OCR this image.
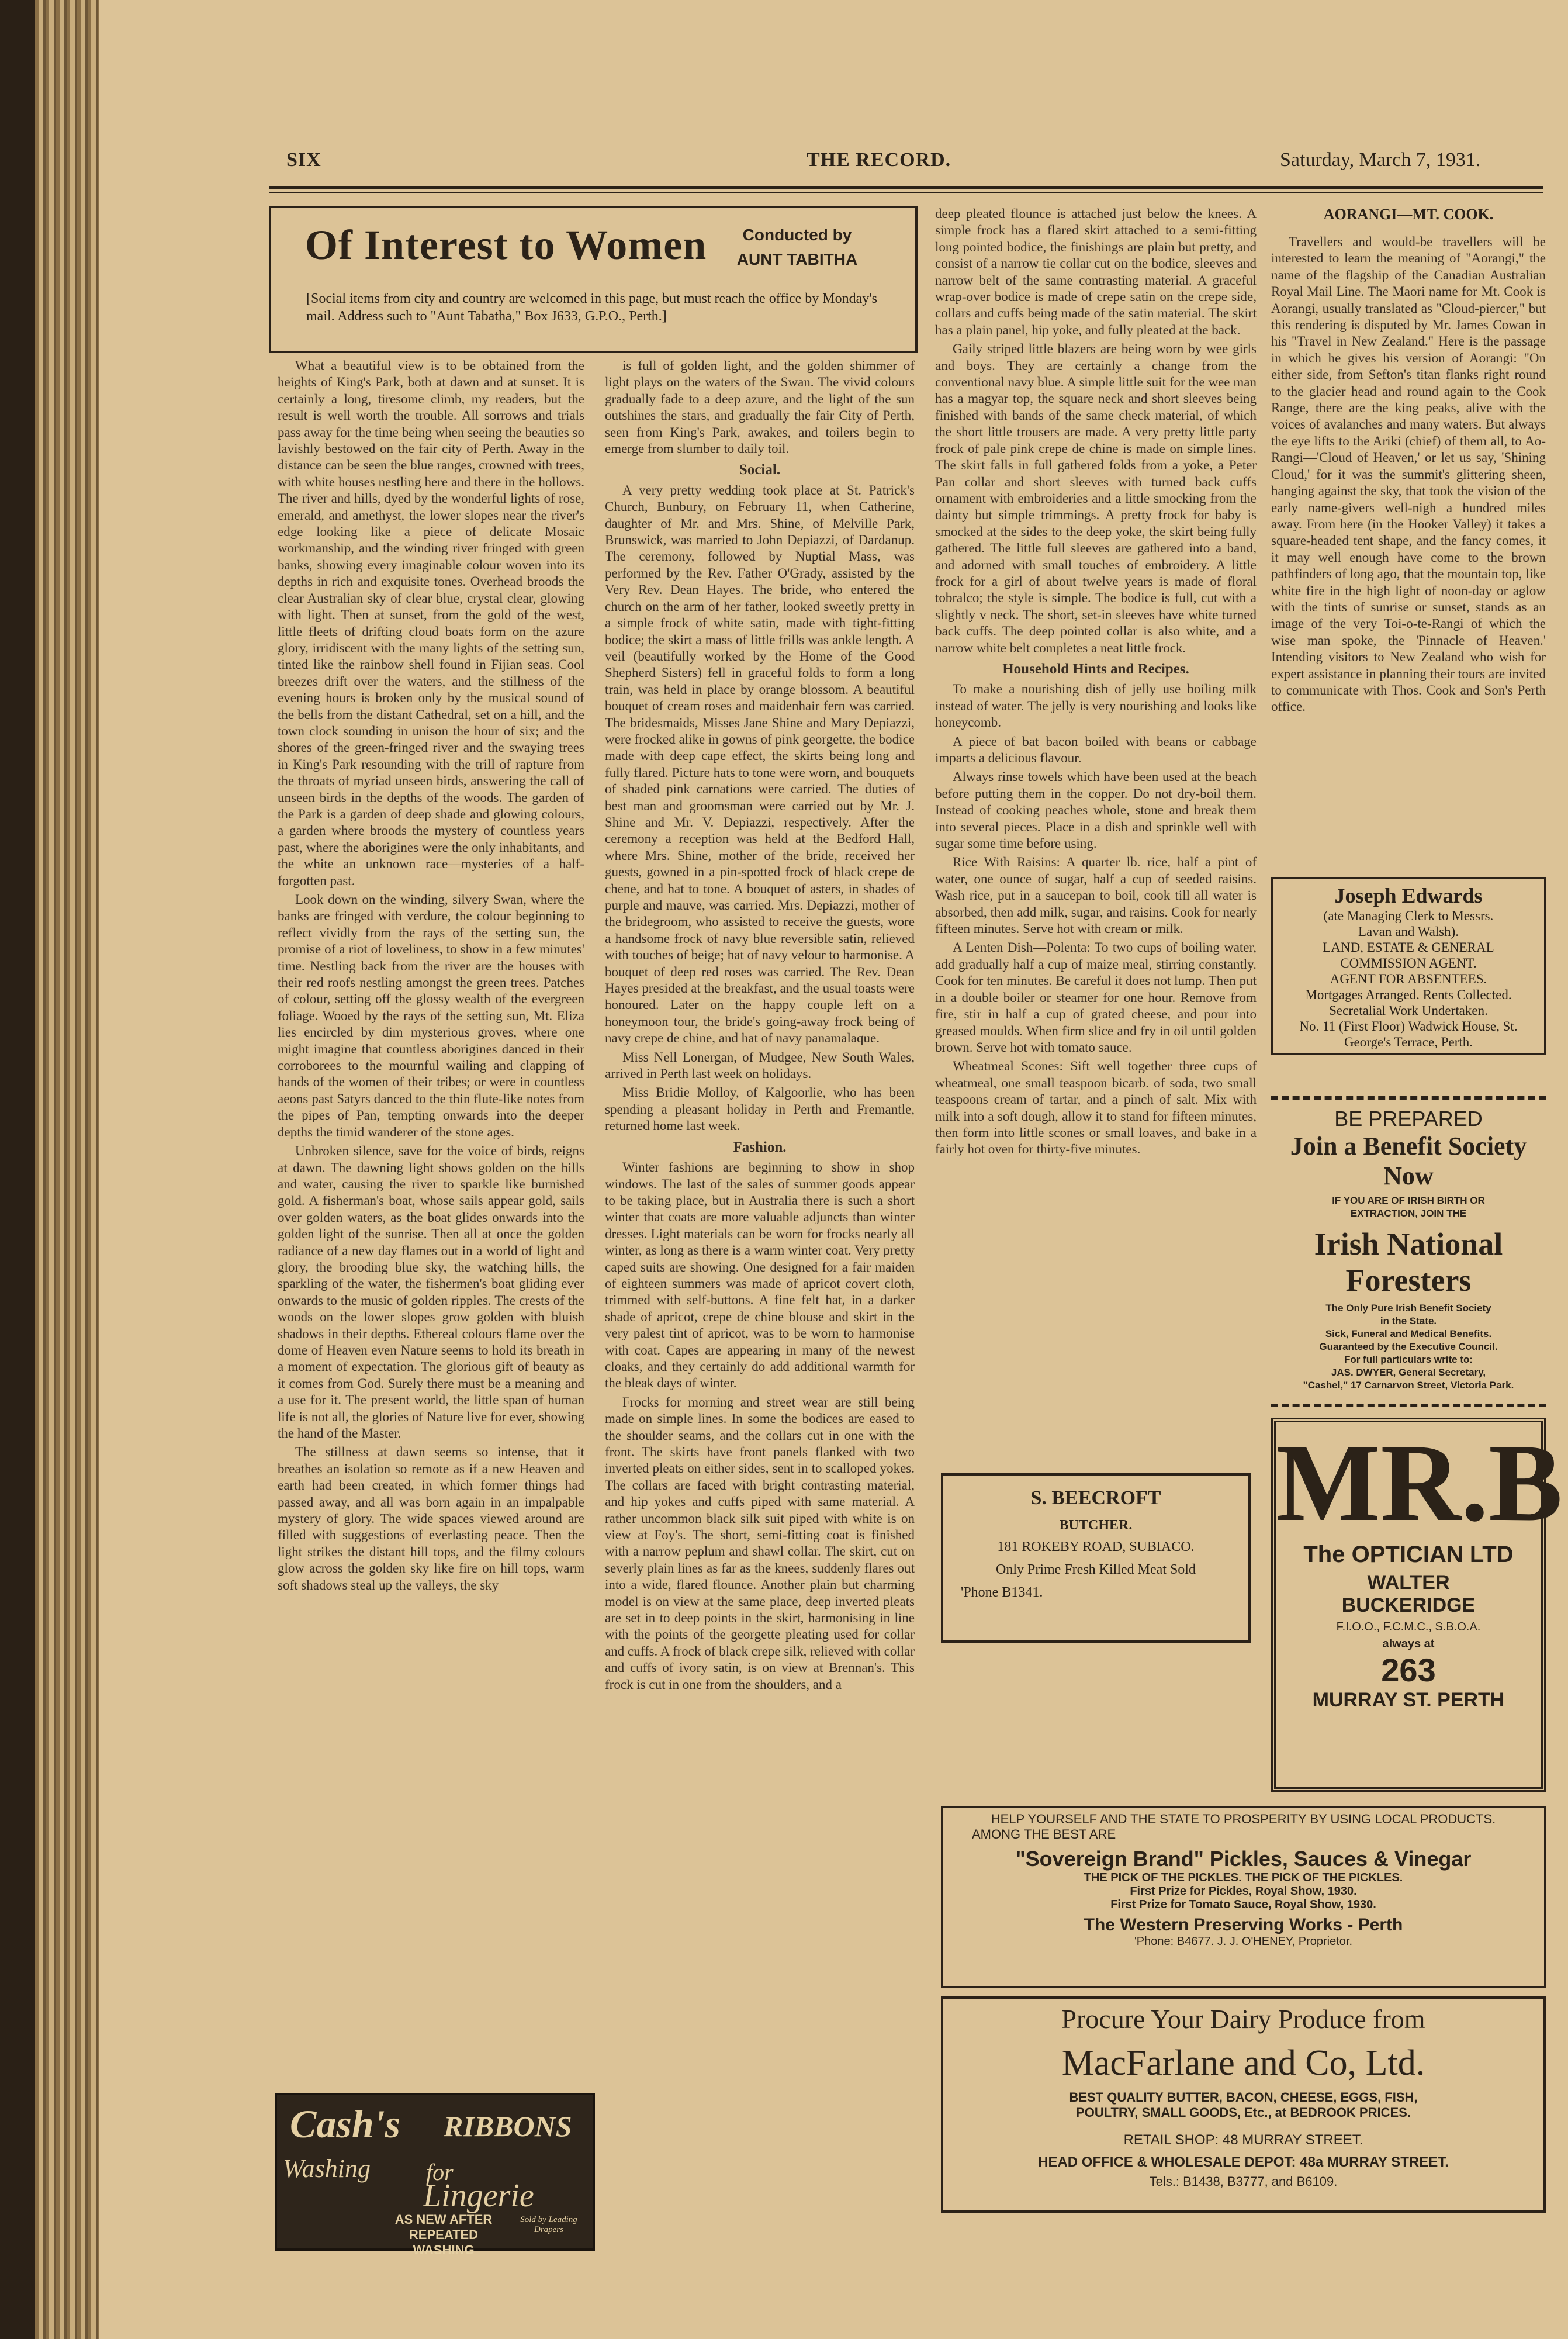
SIX	THE RECORD.	Saturday, March 7, 1931.
Of Interest to Women	Conducted by
AUNT TABITHA
[Social items from city and country are welcomed in this page, but must reach the office by Monday's mail. Address such to "Aunt Tabatha," Box J633, G.P.O., Perth.]

What a beautiful view is to be obtained from the heights of King's Park, both at dawn and at sunset. It is certainly a long, tiresome climb, my readers, but the result is well worth the trouble. All sorrows and trials pass away for the time being when seeing the beauties so lavishly bestowed on the fair city of Perth. Away in the distance can be seen the blue ranges, crowned with trees, with white houses nestling here and there in the hollows. The river and hills, dyed by the wonderful lights of rose, emerald, and amethyst, the lower slopes near the river's edge looking like a piece of delicate Mosaic workmanship, and the winding river fringed with green banks, showing every imaginable colour woven into its depths in rich and exquisite tones. Overhead broods the clear Australian sky of clear blue, crystal clear, glowing with light. Then at sunset, from the gold of the west, little fleets of drifting cloud boats form on the azure glory, irridiscent with the many lights of the setting sun, tinted like the rainbow shell found in Fijian seas. Cool breezes drift over the waters, and the stillness of the evening hours is broken only by the musical sound of the bells from the distant Cathedral, set on a hill, and the town clock sounding in unison the hour of six; and the shores of the green-fringed river and the swaying trees in King's Park resounding with the trill of rapture from the throats of myriad unseen birds, answering the call of unseen birds in the depths of the woods. The garden of the Park is a garden of deep shade and glowing colours, a garden where broods the mystery of countless years past, where the aborigines were the only inhabitants, and the white an unknown race—mysteries of a half-forgotten past.

Look down on the winding, silvery Swan, where the banks are fringed with verdure, the colour beginning to reflect vividly from the rays of the setting sun, the promise of a riot of loveliness, to show in a few minutes' time. Nestling back from the river are the houses with their red roofs nestling amongst the green trees. Patches of colour, setting off the glossy wealth of the evergreen foliage. Wooed by the rays of the setting sun, Mt. Eliza lies encircled by dim mysterious groves, where one might imagine that countless aborigines danced in their corroborees to the mournful wailing and clapping of hands of the women of their tribes; or were in countless aeons past Satyrs danced to the thin flute-like notes from the pipes of Pan, tempting onwards into the deeper depths the timid wanderer of the stone ages.

Unbroken silence, save for the voice of birds, reigns at dawn. The dawning light shows golden on the hills and water, causing the river to sparkle like burnished gold. A fisherman's boat, whose sails appear gold, sails over golden waters, as the boat glides onwards into the golden light of the sunrise. Then all at once the golden radiance of a new day flames out in a world of light and glory, the brooding blue sky, the watching hills, the sparkling of the water, the fishermen's boat gliding ever onwards to the music of golden ripples. The crests of the woods on the lower slopes grow golden with bluish shadows in their depths. Ethereal colours flame over the dome of Heaven even Nature seems to hold its breath in a moment of expectation. The glorious gift of beauty as it comes from God. Surely there must be a meaning and a use for it. The present world, the little span of human life is not all, the glories of Nature live for ever, showing the hand of the Master.

The stillness at dawn seems so intense, that it breathes an isolation so remote as if a new Heaven and earth had been created, in which former things had passed away, and all was born again in an impalpable mystery of glory. The wide spaces viewed around are filled with suggestions of everlasting peace. Then the light strikes the distant hill tops, and the filmy colours glow across the golden sky like fire on hill tops, warm soft shadows steal up the valleys, the sky

Cash's RIBBONS
Washing for
Lingerie
AS NEW AFTER REPEATED WASHING
Sold by Leading Drapers

is full of golden light, and the golden shimmer of light plays on the waters of the Swan. The vivid colours gradually fade to a deep azure, and the light of the sun outshines the stars, and gradually the fair City of Perth, seen from King's Park, awakes, and toilers begin to emerge from slumber to daily toil.

Social.

A very pretty wedding took place at St. Patrick's Church, Bunbury, on February 11, when Catherine, daughter of Mr. and Mrs. Shine, of Melville Park, Brunswick, was married to John Depiazzi, of Dardanup. The ceremony, followed by Nuptial Mass, was performed by the Rev. Father O'Grady, assisted by the Very Rev. Dean Hayes. The bride, who entered the church on the arm of her father, looked sweetly pretty in a simple frock of white satin, made with tight-fitting bodice; the skirt a mass of little frills was ankle length. A veil (beautifully worked by the Home of the Good Shepherd Sisters) fell in graceful folds to form a long train, was held in place by orange blossom. A beautiful bouquet of cream roses and maidenhair fern was carried. The bridesmaids, Misses Jane Shine and Mary Depiazzi, were frocked alike in gowns of pink georgette, the bodice made with deep cape effect, the skirts being long and fully flared. Picture hats to tone were worn, and bouquets of shaded pink carnations were carried. The duties of best man and groomsman were carried out by Mr. J. Shine and Mr. V. Depiazzi, respectively. After the ceremony a reception was held at the Bedford Hall, where Mrs. Shine, mother of the bride, received her guests, gowned in a pin-spotted frock of black crepe de chene, and hat to tone. A bouquet of asters, in shades of purple and mauve, was carried. Mrs. Depiazzi, mother of the bridegroom, who assisted to receive the guests, wore a handsome frock of navy blue reversible satin, relieved with touches of beige; hat of navy velour to harmonise. A bouquet of deep red roses was carried. The Rev. Dean Hayes presided at the breakfast, and the usual toasts were honoured. Later on the happy couple left on a honeymoon tour, the bride's going-away frock being of navy crepe de chine, and hat of navy panamalaque.

Miss Nell Lonergan, of Mudgee, New South Wales, arrived in Perth last week on holidays.

Miss Bridie Molloy, of Kalgoorlie, who has been spending a pleasant holiday in Perth and Fremantle, returned home last week.

Fashion.

Winter fashions are beginning to show in shop windows. The last of the sales of summer goods appear to be taking place, but in Australia there is such a short winter that coats are more valuable adjuncts than winter dresses. Light materials can be worn for frocks nearly all winter, as long as there is a warm winter coat. Very pretty caped suits are showing. One designed for a fair maiden of eighteen summers was made of apricot covert cloth, trimmed with self-buttons. A fine felt hat, in a darker shade of apricot, crepe de chine blouse and skirt in the very palest tint of apricot, was to be worn to harmonise with coat. Capes are appearing in many of the newest cloaks, and they certainly do add additional warmth for the bleak days of winter.

Frocks for morning and street wear are still being made on simple lines. In some the bodices are eased to the shoulder seams, and the collars cut in one with the front. The skirts have front panels flanked with two inverted pleats on either sides, sent in to scalloped yokes. The collars are faced with bright contrasting material, and hip yokes and cuffs piped with same material. A rather uncommon black silk suit piped with white is on view at Foy's. The short, semi-fitting coat is finished with a narrow peplum and shawl collar. The skirt, cut on severly plain lines as far as the knees, suddenly flares out into a wide, flared flounce. Another plain but charming model is on view at the same place, deep inverted pleats are set in to deep points in the skirt, harmonising in line with the points of the georgette pleating used for collar and cuffs. A frock of black crepe silk, relieved with collar and cuffs of ivory satin, is on view at Brennan's. This frock is cut in one from the shoulders, and a

deep pleated flounce is attached just below the knees. A simple frock has a flared skirt attached to a semi-fitting long pointed bodice, the finishings are plain but pretty, and consist of a narrow tie collar cut on the bodice, sleeves and narrow belt of the same contrasting material. A graceful wrap-over bodice is made of crepe satin on the crepe side, collars and cuffs being made of the satin material. The skirt has a plain panel, hip yoke, and fully pleated at the back.

Gaily striped little blazers are being worn by wee girls and boys. They are certainly a change from the conventional navy blue. A simple little suit for the wee man has a magyar top, the square neck and short sleeves being finished with bands of the same check material, of which the short little trousers are made. A very pretty little party frock of pale pink crepe de chine is made on simple lines. The skirt falls in full gathered folds from a yoke, a Peter Pan collar and short sleeves with turned back cuffs ornament with embroideries and a little smocking from the dainty but simple trimmings. A pretty frock for baby is smocked at the sides to the deep yoke, the skirt being fully gathered. The little full sleeves are gathered into a band, and adorned with small touches of embroidery. A little frock for a girl of about twelve years is made of floral tobralco; the style is simple. The bodice is full, cut with a slightly v neck. The short, set-in sleeves have white turned back cuffs. The deep pointed collar is also white, and a narrow white belt completes a neat little frock.

Household Hints and Recipes.

To make a nourishing dish of jelly use boiling milk instead of water. The jelly is very nourishing and looks like honeycomb.

A piece of bat bacon boiled with beans or cabbage imparts a delicious flavour.

Always rinse towels which have been used at the beach before putting them in the copper. Do not dry-boil them. Instead of cooking peaches whole, stone and break them into several pieces. Place in a dish and sprinkle well with sugar some time before using.

Rice With Raisins: A quarter lb. rice, half a pint of water, one ounce of sugar, half a cup of seeded raisins. Wash rice, put in a saucepan to boil, cook till all water is absorbed, then add milk, sugar, and raisins. Cook for nearly fifteen minutes. Serve hot with cream or milk.

A Lenten Dish—Polenta: To two cups of boiling water, add gradually half a cup of maize meal, stirring constantly. Cook for ten minutes. Be careful it does not lump. Then put in a double boiler or steamer for one hour. Remove from fire, stir in half a cup of grated cheese, and pour into greased moulds. When firm slice and fry in oil until golden brown. Serve hot with tomato sauce.

Wheatmeal Scones: Sift well together three cups of wheatmeal, one small teaspoon bicarb. of soda, two small teaspoons cream of tartar, and a pinch of salt. Mix with milk into a soft dough, allow it to stand for fifteen minutes, then form into little scones or small loaves, and bake in a fairly hot oven for thirty-five minutes.

S. BEECROFT
BUTCHER.
181 ROKEBY ROAD, SUBIACO.
Only Prime Fresh Killed Meat Sold
'Phone B1341.
AORANGI—MT. COOK.

Travellers and would-be travellers will be interested to learn the meaning of "Aorangi," the name of the flagship of the Canadian Australian Royal Mail Line. The Maori name for Mt. Cook is Aorangi, usually translated as "Cloud-piercer," but this rendering is disputed by Mr. James Cowan in his "Travel in New Zealand." Here is the passage in which he gives his version of Aorangi: "On either side, from Sefton's titan flanks right round to the glacier head and round again to the Cook Range, there are the king peaks, alive with the voices of avalanches and many waters. But always the eye lifts to the Ariki (chief) of them all, to Ao-Rangi—'Cloud of Heaven,' or let us say, 'Shining Cloud,' for it was the summit's glittering sheen, hanging against the sky, that took the vision of the early name-givers well-nigh a hundred miles away. From here (in the Hooker Valley) it takes a square-headed tent shape, and the fancy comes, it it may well enough have come to the brown pathfinders of long ago, that the mountain top, like white fire in the high light of noon-day or aglow with the tints of sunrise or sunset, stands as an image of the very Toi-o-te-Rangi of which the wise man spoke, the 'Pinnacle of Heaven.' Intending visitors to New Zealand who wish for expert assistance in planning their tours are invited to communicate with Thos. Cook and Son's Perth office.

Joseph Edwards
(ate Managing Clerk to Messrs.
Lavan and Walsh).
LAND, ESTATE & GENERAL
COMMISSION AGENT.
AGENT FOR ABSENTEES.
Mortgages Arranged. Rents Collected. Secretalial Work Undertaken.
No. 11 (First Floor) Wadwick House, St. George's Terrace, Perth.
BE PREPARED
Join a Benefit Society Now
IF YOU ARE OF IRISH BIRTH OR
EXTRACTION, JOIN THE
Irish National Foresters
The Only Pure Irish Benefit Society
in the State.
Sick, Funeral and Medical Benefits.
Guaranteed by the Executive Council.
For full particulars write to:
JAS. DWYER, General Secretary,
"Cashel," 17 Carnarvon Street, Victoria Park.
MR.B
The OPTICIAN LTD
WALTER
BUCKERIDGE
F.I.O.O., F.C.M.C., S.B.O.A.
always at
263
MURRAY ST. PERTH
HELP YOURSELF AND THE STATE TO PROSPERITY BY USING LOCAL PRODUCTS.
AMONG THE BEST ARE
"Sovereign Brand" Pickles, Sauces & Vinegar
THE PICK OF THE PICKLES. THE PICK OF THE PICKLES.
First Prize for Pickles, Royal Show, 1930.
First Prize for Tomato Sauce, Royal Show, 1930.
The Western Preserving Works - Perth
'Phone: B4677. J. J. O'HENEY, Proprietor.
Procure Your Dairy Produce from
MacFarlane and Co, Ltd.
BEST QUALITY BUTTER, BACON, CHEESE, EGGS, FISH,
POULTRY, SMALL GOODS, Etc., at BEDROOK PRICES.
RETAIL SHOP: 48 MURRAY STREET.
HEAD OFFICE & WHOLESALE DEPOT: 48a MURRAY STREET.
Tels.: B1438, B3777, and B6109.
